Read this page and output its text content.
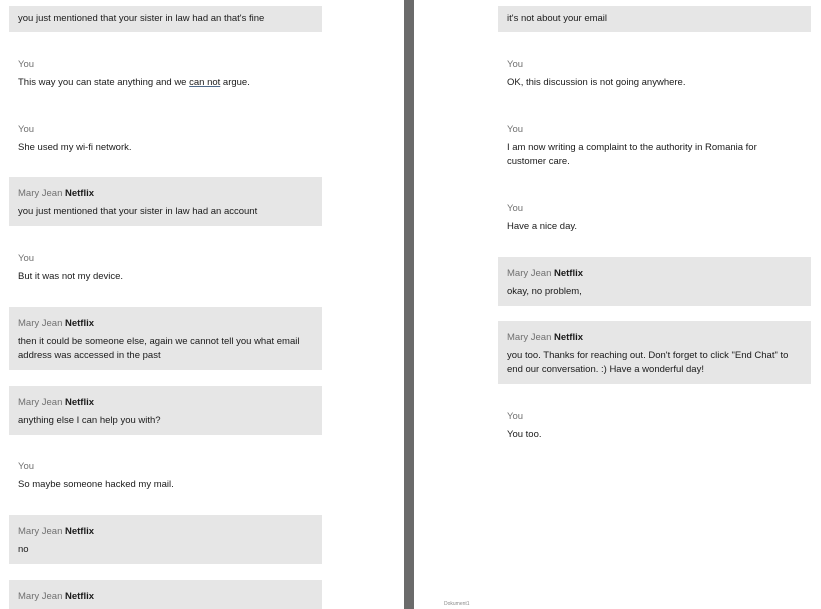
you just mentioned that your sister in law had an that's fine
You
This way you can state anything and we can not argue.
You
She used my wi-fi network.
Mary Jean Netflix
you just mentioned that your sister in law had an account
You
But it was not my device.
Mary Jean Netflix
then it could be someone else, again we cannot tell you what email
address was accessed in the past
Mary Jean Netflix
anything else I can help you with?
You
So maybe someone hacked my mail.
Mary Jean Netflix
no
Mary Jean Netflix
it's not about your email
You
OK, this discussion is not going anywhere.
You
I am now writing a complaint to the authority in Romania for
customer care.
You
Have a nice day.
Mary Jean Netflix
okay, no problem,
Mary Jean Netflix
you too. Thanks for reaching out. Don't forget to click "End Chat" to
end our conversation. :) Have a wonderful day!
You
You too.
Dokument1
